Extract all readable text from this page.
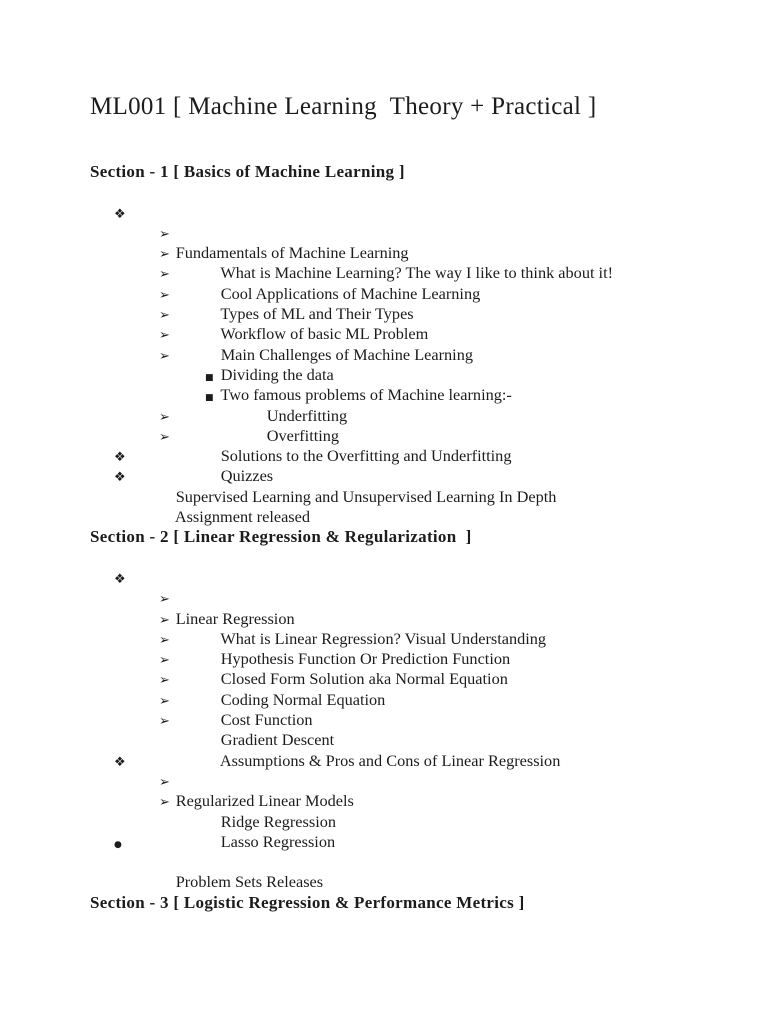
ML001 [ Machine Learning  Theory + Practical ]
Section - 1 [ Basics of Machine Learning ]

❖

Fundamentals of Machine Learning

➢

What is Machine Learning? The way I like to think about it!

➢

Cool Applications of Machine Learning

➢

Types of ML and Their Types

➢

Workflow of basic ML Problem

➢

Main Challenges of Machine Learning

➢

Dividing the data

➢

Two famous problems of Machine learning:-

■

Underfitting

■

Overfitting

➢

Solutions to the Overfitting and Underfitting

➢

Quizzes

❖

Supervised Learning and Unsupervised Learning In Depth

❖

Assignment released

Section - 2 [ Linear Regression & Regularization  ]

❖

Linear Regression

➢

What is Linear Regression? Visual Understanding

➢

Hypothesis Function Or Prediction Function

➢

Closed Form Solution aka Normal Equation

➢

Coding Normal Equation

➢

Cost Function

➢

Gradient Descent

➢

Assumptions & Pros and Cons of Linear Regression

❖

Regularized Linear Models

➢

Ridge Regression

➢

Lasso Regression

●

Problem Sets Releases

Section - 3 [ Logistic Regression & Performance Metrics ]
